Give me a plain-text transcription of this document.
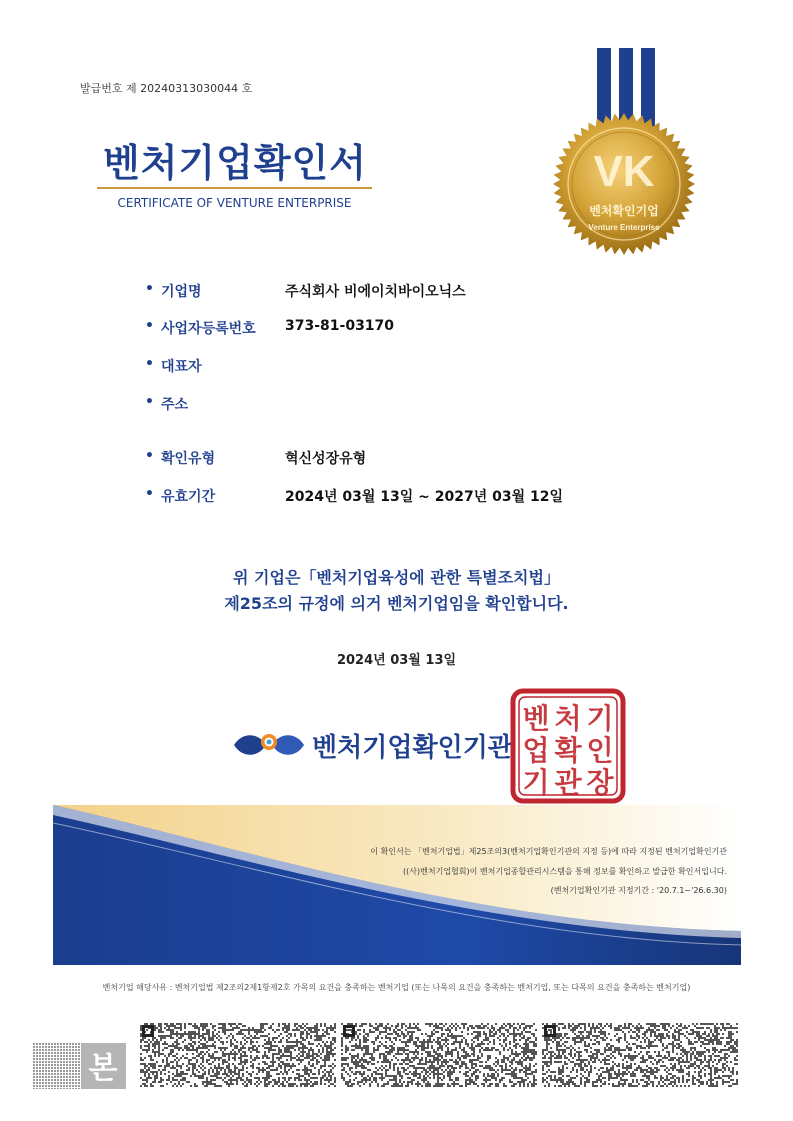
발급번호 제 20240313030044 호
벤처기업확인서
CERTIFICATE OF VENTURE ENTERPRISE
VK
벤처확인기업
Venture Enterprise
• 기업명	주식회사 비에이치바이오닉스
• 사업자등록번호 373-81-03170
• 대표자
• 주소
• 확인유형	혁신성장유형
• 유효기간	2024년 03월 13일 ~ 2027년 03월 12일
위 기업은「벤처기업육성에 관한 특별조치법」
제25조의 규정에 의거 벤처기업임을 확인합니다.
2024년 03월 13일
벤처기업확인기관
벤 처 기
업 확 인
기 관 장
이 확인서는 「벤처기업법」제25조의3(벤처기업확인기관의 지정 등)에 따라 지정된 벤처기업확인기관
((사)벤처기업협회)이 벤처기업종합관리시스템을 통해 정보를 확인하고 발급한 확인서입니다.
(벤처기업확인기관 지정기간 : '20.7.1~'26.6.30)
벤처기업 해당사유 : 벤처기업법 제2조의2제1항제2호 가목의 요건을 충족하는 벤처기업 (또는 나목의 요건을 충족하는 벤처기업, 또는 다목의 요건을 충족하는 벤처기업)
본
